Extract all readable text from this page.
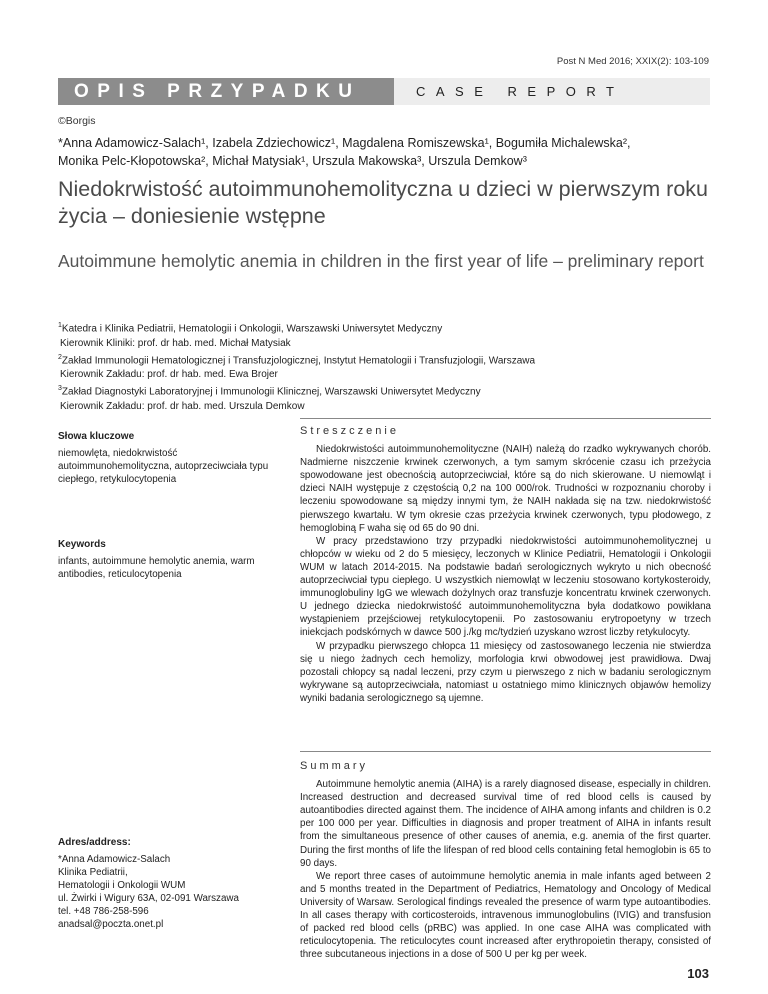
Post N Med 2016; XXIX(2): 103-109
OPIS PRZYPADKU	CASE REPORT
©Borgis
*Anna Adamowicz-Salach¹, Izabela Zdziechowicz¹, Magdalena Romiszewska¹, Bogumiła Michalewska²,
Monika Pelc-Kłopotowska², Michał Matysiak¹, Urszula Makowska³, Urszula Demkow³
Niedokrwistość autoimmunohemolityczna u dzieci w pierwszym roku życia – doniesienie wstępne
Autoimmune hemolytic anemia in children in the first year of life – preliminary report
$^1$Katedra i Klinika Pediatrii, Hematologii i Onkologii, Warszawski Uniwersytet Medyczny
Kierownik Kliniki: prof. dr hab. med. Michał Matysiak
$^2$Zakład Immunologii Hematologicznej i Transfuzjologicznej, Instytut Hematologii i Transfuzjologii, Warszawa
Kierownik Zakładu: prof. dr hab. med. Ewa Brojer
$^3$Zakład Diagnostyki Laboratoryjnej i Immunologii Klinicznej, Warszawski Uniwersytet Medyczny
Kierownik Zakładu: prof. dr hab. med. Urszula Demkow
Słowa kluczowe
niemowlęta, niedokrwistość autoimmunohemolityczna, autoprzeciwciała typu ciepłego, retykulocytopenia
Keywords
infants, autoimmune hemolytic anemia, warm antibodies, reticulocytopenia
Adres/address:
*Anna Adamowicz-Salach
Klinika Pediatrii,
Hematologii i Onkologii WUM
ul. Żwirki i Wigury 63A, 02-091 Warszawa
tel. +48 786-258-596
anadsal@poczta.onet.pl
Streszczenie

Niedokrwistości autoimmunohemolityczne (NAIH) należą do rzadko wykrywanych chorób. Nadmierne niszczenie krwinek czerwonych, a tym samym skrócenie czasu ich przeżycia spowodowane jest obecnością autoprzeciwciał, które są do nich skierowane. U niemowląt i dzieci NAIH występuje z częstością 0,2 na 100 000/rok. Trudności w rozpoznaniu choroby i leczeniu spowodowane są między innymi tym, że NAIH nakłada się na tzw. niedokrwistość pierwszego kwartału. W tym okresie czas przeżycia krwinek czerwonych, typu płodowego, z hemoglobiną F waha się od 65 do 90 dni.

W pracy przedstawiono trzy przypadki niedokrwistości autoimmunohemolitycznej u chłopców w wieku od 2 do 5 miesięcy, leczonych w Klinice Pediatrii, Hematologii i Onkologii WUM w latach 2014-2015. Na podstawie badań serologicznych wykryto u nich obecność autoprzeciwciał typu ciepłego. U wszystkich niemowląt w leczeniu stosowano kortykosteroidy, immunoglobuliny IgG we wlewach dożylnych oraz transfuzje koncentratu krwinek czerwonych. U jednego dziecka niedokrwistość autoimmunohemolityczna była dodatkowo powikłana wystąpieniem przejściowej retykulocytopenii. Po zastosowaniu erytropoetyny w trzech iniekcjach podskórnych w dawce 500 j./kg mc/tydzień uzyskano wzrost liczby retykulocyty.

W przypadku pierwszego chłopca 11 miesięcy od zastosowanego leczenia nie stwierdza się u niego żadnych cech hemolizy, morfologia krwi obwodowej jest prawidłowa. Dwaj pozostali chłopcy są nadal leczeni, przy czym u pierwszego z nich w badaniu serologicznym wykrywane są autoprzeciwciała, natomiast u ostatniego mimo klinicznych objawów hemolizy wyniki badania serologicznego są ujemne.

Summary

Autoimmune hemolytic anemia (AIHA) is a rarely diagnosed disease, especially in children. Increased destruction and decreased survival time of red blood cells is caused by autoantibodies directed against them. The incidence of AIHA among infants and children is 0.2 per 100 000 per year. Difficulties in diagnosis and proper treatment of AIHA in infants result from the simultaneous presence of other causes of anemia, e.g. anemia of the first quarter. During the first months of life the lifespan of red blood cells containing fetal hemoglobin is 65 to 90 days.

We report three cases of autoimmune hemolytic anemia in male infants aged between 2 and 5 months treated in the Department of Pediatrics, Hematology and Oncology of Medical University of Warsaw. Serological findings revealed the presence of warm type autoantibodies. In all cases therapy with corticosteroids, intravenous immunoglobulins (IVIG) and transfusion of packed red blood cells (pRBC) was applied. In one case AIHA was complicated with reticulocytopenia. The reticulocytes count increased after erythropoietin therapy, consisted of three subcutaneous injections in a dose of 500 U per kg per week.

103
